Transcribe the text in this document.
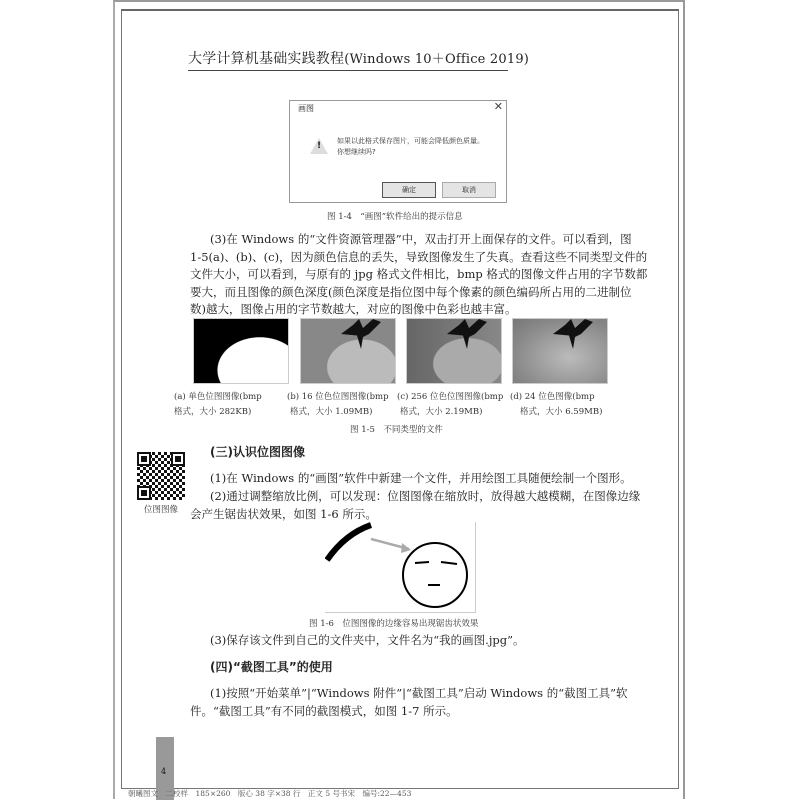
大学计算机基础实践教程(Windows 10＋Office 2019)
画图	✕
! 如果以此格式保存图片，可能会降低颜色质量。
你想继续吗?
确定	取消
图 1-4　“画图”软件给出的提示信息
(3)在 Windows 的“文件资源管理器”中，双击打开上面保存的文件。可以看到，图
1-5(a)、(b)、(c)，因为颜色信息的丢失，导致图像发生了失真。查看这些不同类型文件的
文件大小，可以看到，与原有的 jpg 格式文件相比，bmp 格式的图像文件占用的字节数都
要大，而且图像的颜色深度(颜色深度是指位图中每个像素的颜色编码所占用的二进制位
数)越大，图像占用的字节数越大，对应的图像中色彩也越丰富。
(a) 单色位图图像(bmp
格式，大小 282KB)
(b) 16 位色位图图像(bmp
格式，大小 1.09MB)
(c) 256 位色位图图像(bmp
格式，大小 2.19MB)
(d) 24 位色图像(bmp
格式，大小 6.59MB)
图 1-5　不同类型的文件
(三)认识位图图像
位图图像
(1)在 Windows 的“画图”软件中新建一个文件，并用绘图工具随便绘制一个图形。
(2)通过调整缩放比例，可以发现：位图图像在缩放时，放得越大越模糊，在图像边缘
会产生锯齿状效果，如图 1-6 所示。
图 1-6　位图图像的边缘容易出现锯齿状效果
(3)保存该文件到自己的文件夹中，文件名为“我的画图.jpg”。
(四)“截图工具”的使用
(1)按照“开始菜单”|“Windows 附件”|“截图工具”启动 Windows 的“截图工具”软
件。“截图工具”有不同的截图模式，如图 1-7 所示。
4
朝曦图文　二校样　185×260　版心 38 字×38 行　正文 5 号书宋　编号:22—453
